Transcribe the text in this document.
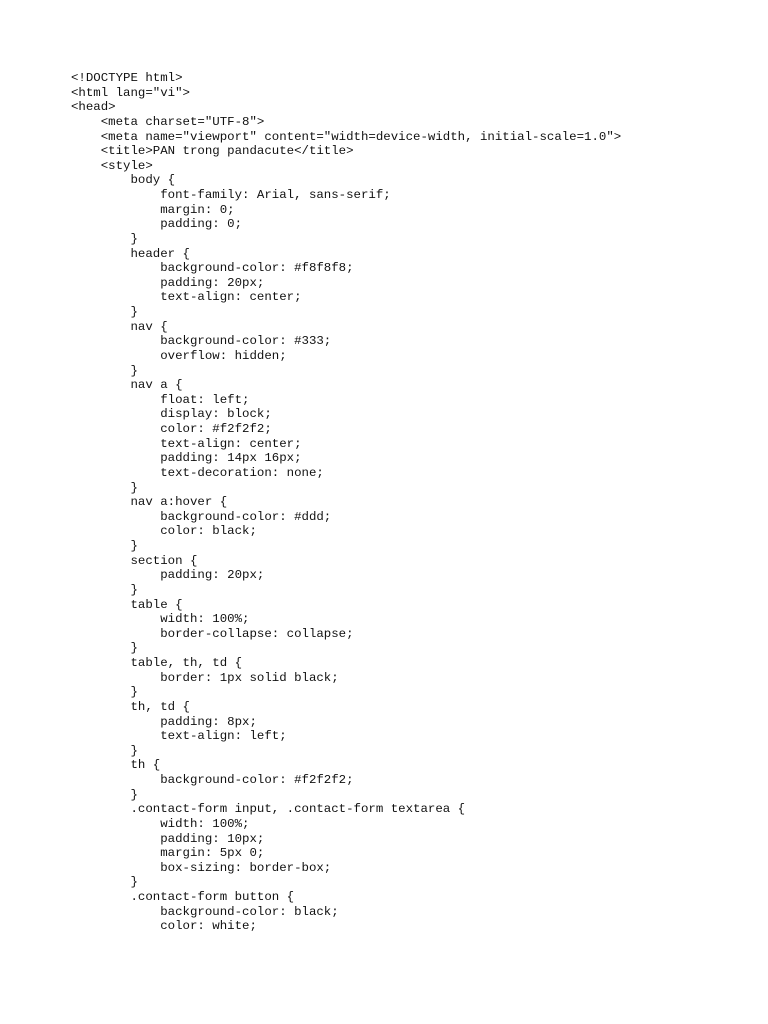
<!DOCTYPE html>
<html lang="vi">
<head>
<meta charset="UTF-8">
<meta name="viewport" content="width=device-width, initial-scale=1.0">
<title>PAN trong pandacute</title>
<style>
body {
font-family: Arial, sans-serif;
margin: 0;
padding: 0;
}
header {
background-color: #f8f8f8;
padding: 20px;
text-align: center;
}
nav {
background-color: #333;
overflow: hidden;
}
nav a {
float: left;
display: block;
color: #f2f2f2;
text-align: center;
padding: 14px 16px;
text-decoration: none;
}
nav a:hover {
background-color: #ddd;
color: black;
}
section {
padding: 20px;
}
table {
width: 100%;
border-collapse: collapse;
}
table, th, td {
border: 1px solid black;
}
th, td {
padding: 8px;
text-align: left;
}
th {
background-color: #f2f2f2;
}
.contact-form input, .contact-form textarea {
width: 100%;
padding: 10px;
margin: 5px 0;
box-sizing: border-box;
}
.contact-form button {
background-color: black;
color: white;
